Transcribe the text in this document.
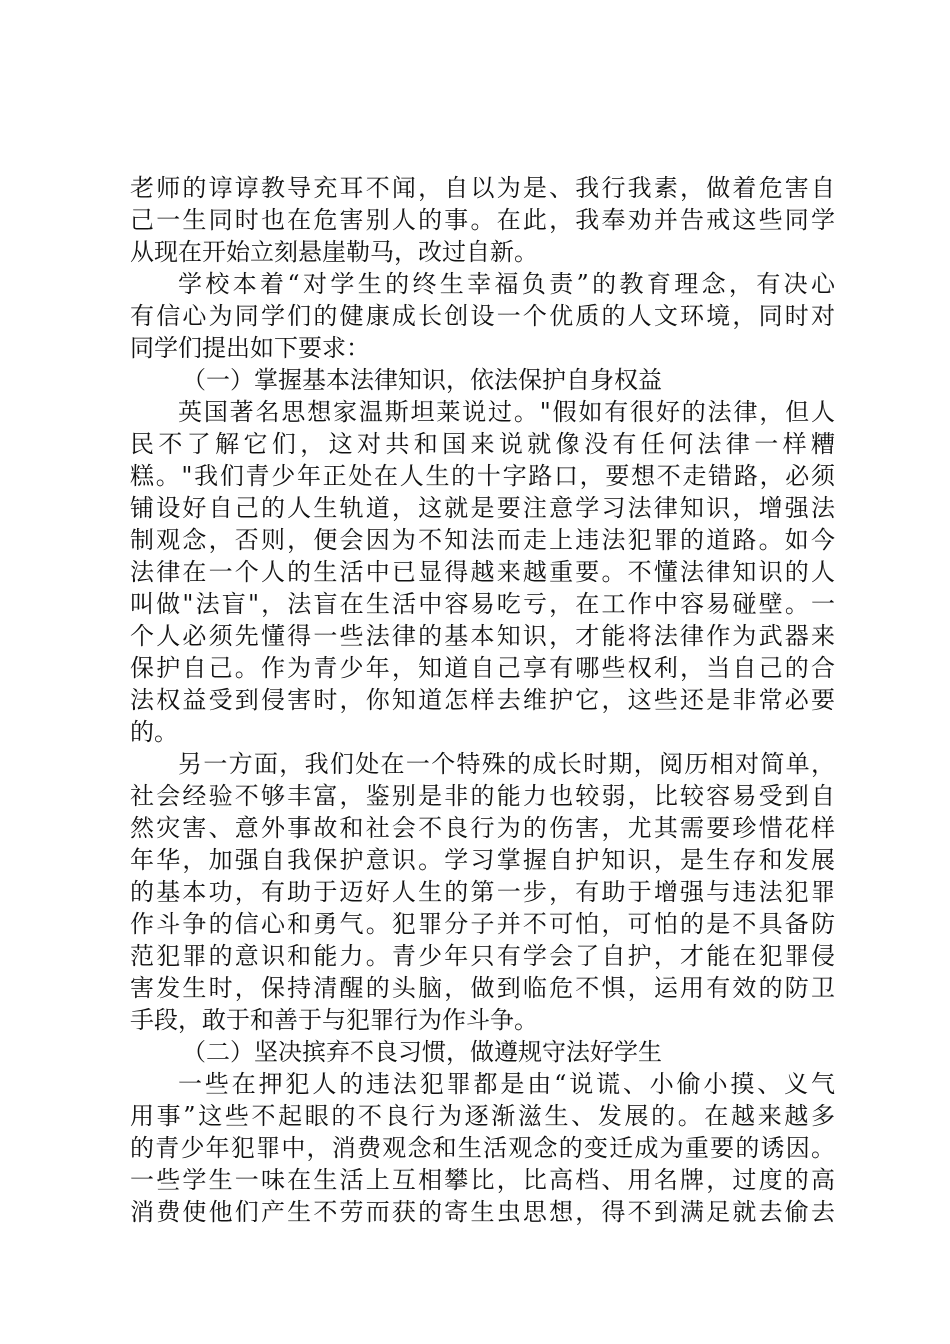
老师的谆谆教导充耳不闻，自以为是、我行我素，做着危害自
己一生同时也在危害别人的事。在此，我奉劝并告戒这些同学
从现在开始立刻悬崖勒马，改过自新。
学校本着“对学生的终生幸福负责”的教育理念，有决心
有信心为同学们的健康成长创设一个优质的人文环境，同时对
同学们提出如下要求：
（一）掌握基本法律知识，依法保护自身权益
英国著名思想家温斯坦莱说过。"假如有很好的法律，但人
民不了解它们，这对共和国来说就像没有任何法律一样糟
糕。"我们青少年正处在人生的十字路口，要想不走错路，必须
铺设好自己的人生轨道，这就是要注意学习法律知识，增强法
制观念，否则，便会因为不知法而走上违法犯罪的道路。如今
法律在一个人的生活中已显得越来越重要。不懂法律知识的人
叫做"法盲"，法盲在生活中容易吃亏，在工作中容易碰壁。一
个人必须先懂得一些法律的基本知识，才能将法律作为武器来
保护自己。作为青少年，知道自己享有哪些权利，当自己的合
法权益受到侵害时，你知道怎样去维护它，这些还是非常必要
的。
另一方面，我们处在一个特殊的成长时期，阅历相对简单，
社会经验不够丰富，鉴别是非的能力也较弱，比较容易受到自
然灾害、意外事故和社会不良行为的伤害，尤其需要珍惜花样
年华，加强自我保护意识。学习掌握自护知识，是生存和发展
的基本功，有助于迈好人生的第一步，有助于增强与违法犯罪
作斗争的信心和勇气。犯罪分子并不可怕，可怕的是不具备防
范犯罪的意识和能力。青少年只有学会了自护，才能在犯罪侵
害发生时，保持清醒的头脑，做到临危不惧，运用有效的防卫
手段，敢于和善于与犯罪行为作斗争。
（二）坚决摈弃不良习惯，做遵规守法好学生
一些在押犯人的违法犯罪都是由“说谎、小偷小摸、义气
用事”这些不起眼的不良行为逐渐滋生、发展的。在越来越多
的青少年犯罪中，消费观念和生活观念的变迁成为重要的诱因。
一些学生一味在生活上互相攀比，比高档、用名牌，过度的高
消费使他们产生不劳而获的寄生虫思想，得不到满足就去偷去
